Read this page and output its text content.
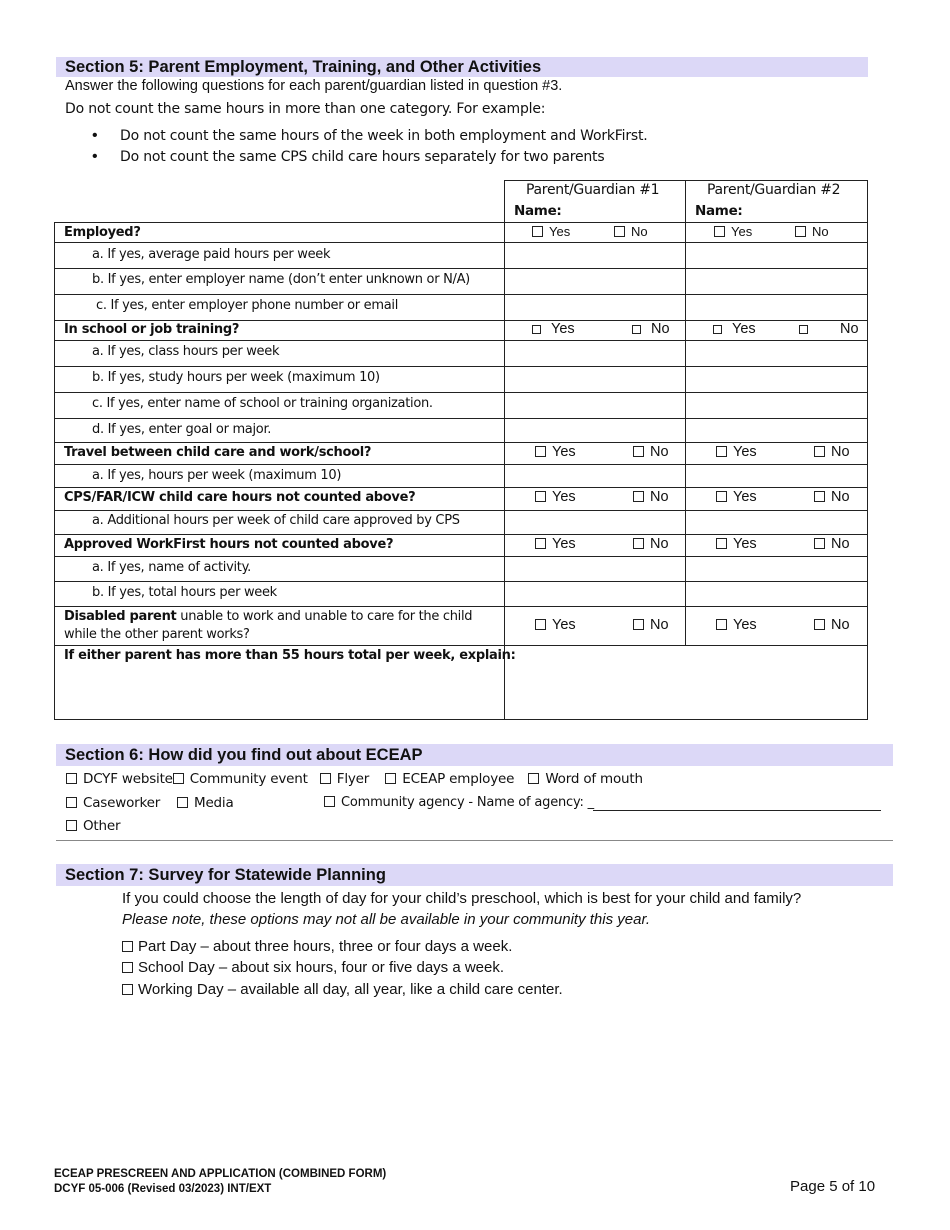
Section 5: Parent Employment, Training, and Other Activities
Answer the following questions for each parent/guardian listed in question #3.
Do not count the same hours in more than one category. For example:
• Do not count the same hours of the week in both employment and WorkFirst.
• Do not count the same CPS child care hours separately for two parents
Parent/Guardian #1
Name:
Parent/Guardian #2
Name:
Employed?	Yes	No	Yes	No
a. If yes, average paid hours per week
b. If yes, enter employer name (don’t enter unknown or N/A)
c. If yes, enter employer phone number or email
In school or job training?	Yes	No	Yes	No
a. If yes, class hours per week
b. If yes, study hours per week (maximum 10)
c. If yes, enter name of school or training organization.
d. If yes, enter goal or major.
Travel between child care and work/school?	Yes	No	Yes	No
a. If yes, hours per week (maximum 10)
CPS/FAR/ICW child care hours not counted above?	Yes	No	Yes	No
a. Additional hours per week of child care approved by CPS
Approved WorkFirst hours not counted above?	Yes	No	Yes	No
a. If yes, name of activity.
b. If yes, total hours per week
Disabled parent unable to work and unable to care for the child
while the other parent works?
Yes	No	Yes	No
If either parent has more than 55 hours total per week, explain:
Section 6: How did you find out about ECEAP
DCYF website Community event Flyer ECEAP employee Word of mouth
Caseworker	Media	Community agency - Name of agency: _
Other
Section 7: Survey for Statewide Planning
If you could choose the length of day for your child’s preschool, which is best for your child and family?
Please note, these options may not all be available in your community this year.
Part Day – about three hours, three or four days a week.
School Day – about six hours, four or five days a week.
Working Day – available all day, all year, like a child care center.
ECEAP PRESCREEN AND APPLICATION (COMBINED FORM)
DCYF 05-006 (Revised 03/2023) INT/EXT	Page 5 of 10
